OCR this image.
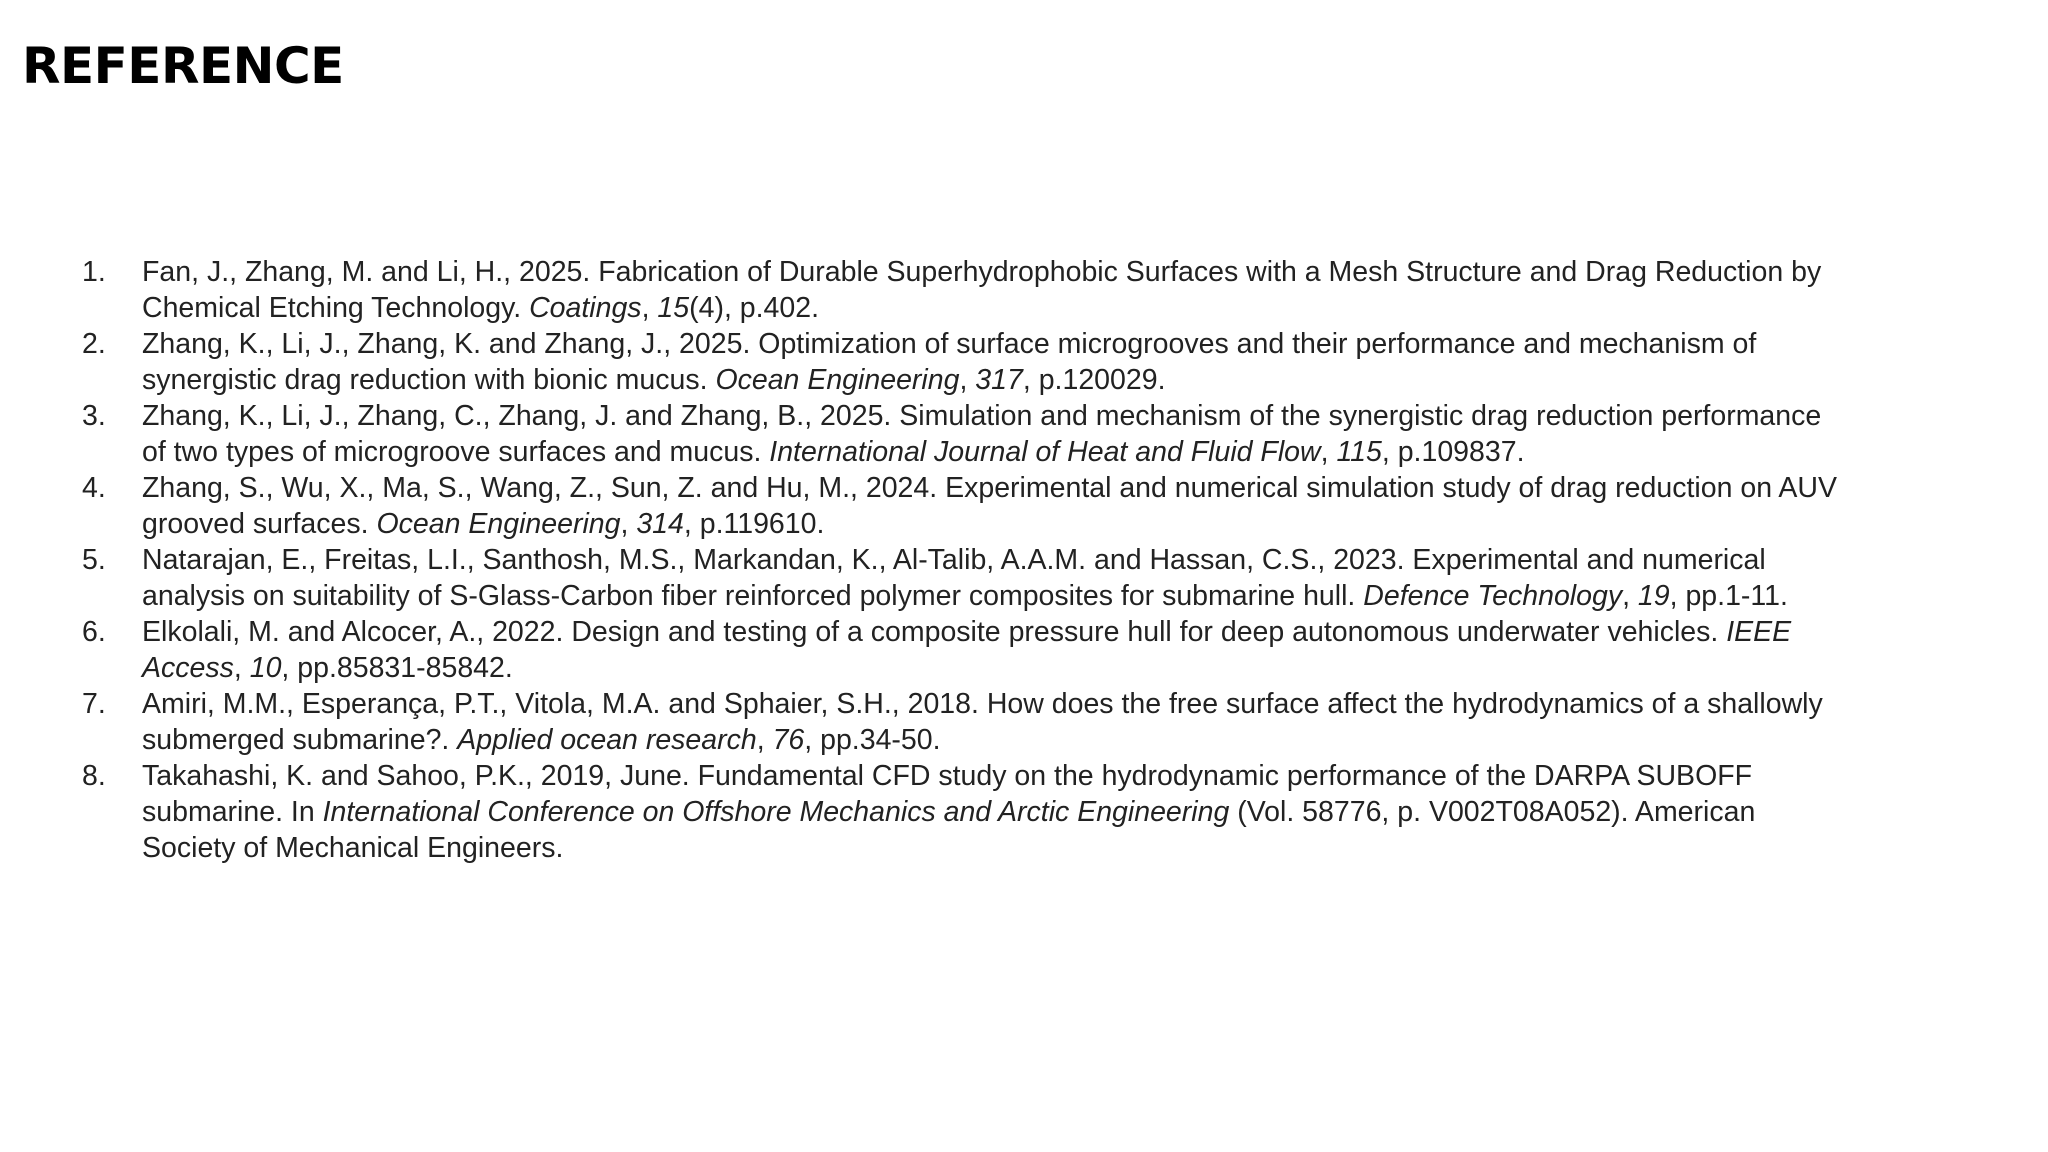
REFERENCE
1. Fan, J., Zhang, M. and Li, H., 2025. Fabrication of Durable Superhydrophobic Surfaces with a Mesh Structure and Drag Reduction by Chemical Etching Technology. Coatings, 15(4), p.402.
2. Zhang, K., Li, J., Zhang, K. and Zhang, J., 2025. Optimization of surface microgrooves and their performance and mechanism of synergistic drag reduction with bionic mucus. Ocean Engineering, 317, p.120029.
3. Zhang, K., Li, J., Zhang, C., Zhang, J. and Zhang, B., 2025. Simulation and mechanism of the synergistic drag reduction performance of two types of microgroove surfaces and mucus. International Journal of Heat and Fluid Flow, 115, p.109837.
4. Zhang, S., Wu, X., Ma, S., Wang, Z., Sun, Z. and Hu, M., 2024. Experimental and numerical simulation study of drag reduction on AUV grooved surfaces. Ocean Engineering, 314, p.119610.
5. Natarajan, E., Freitas, L.I., Santhosh, M.S., Markandan, K., Al-Talib, A.A.M. and Hassan, C.S., 2023. Experimental and numerical analysis on suitability of S-Glass-Carbon fiber reinforced polymer composites for submarine hull. Defence Technology, 19, pp.1-11.
6. Elkolali, M. and Alcocer, A., 2022. Design and testing of a composite pressure hull for deep autonomous underwater vehicles. IEEE Access, 10, pp.85831-85842.
7. Amiri, M.M., Esperança, P.T., Vitola, M.A. and Sphaier, S.H., 2018. How does the free surface affect the hydrodynamics of a shallowly submerged submarine?. Applied ocean research, 76, pp.34-50.
8. Takahashi, K. and Sahoo, P.K., 2019, June. Fundamental CFD study on the hydrodynamic performance of the DARPA SUBOFF submarine. In International Conference on Offshore Mechanics and Arctic Engineering (Vol. 58776, p. V002T08A052). American Society of Mechanical Engineers.
